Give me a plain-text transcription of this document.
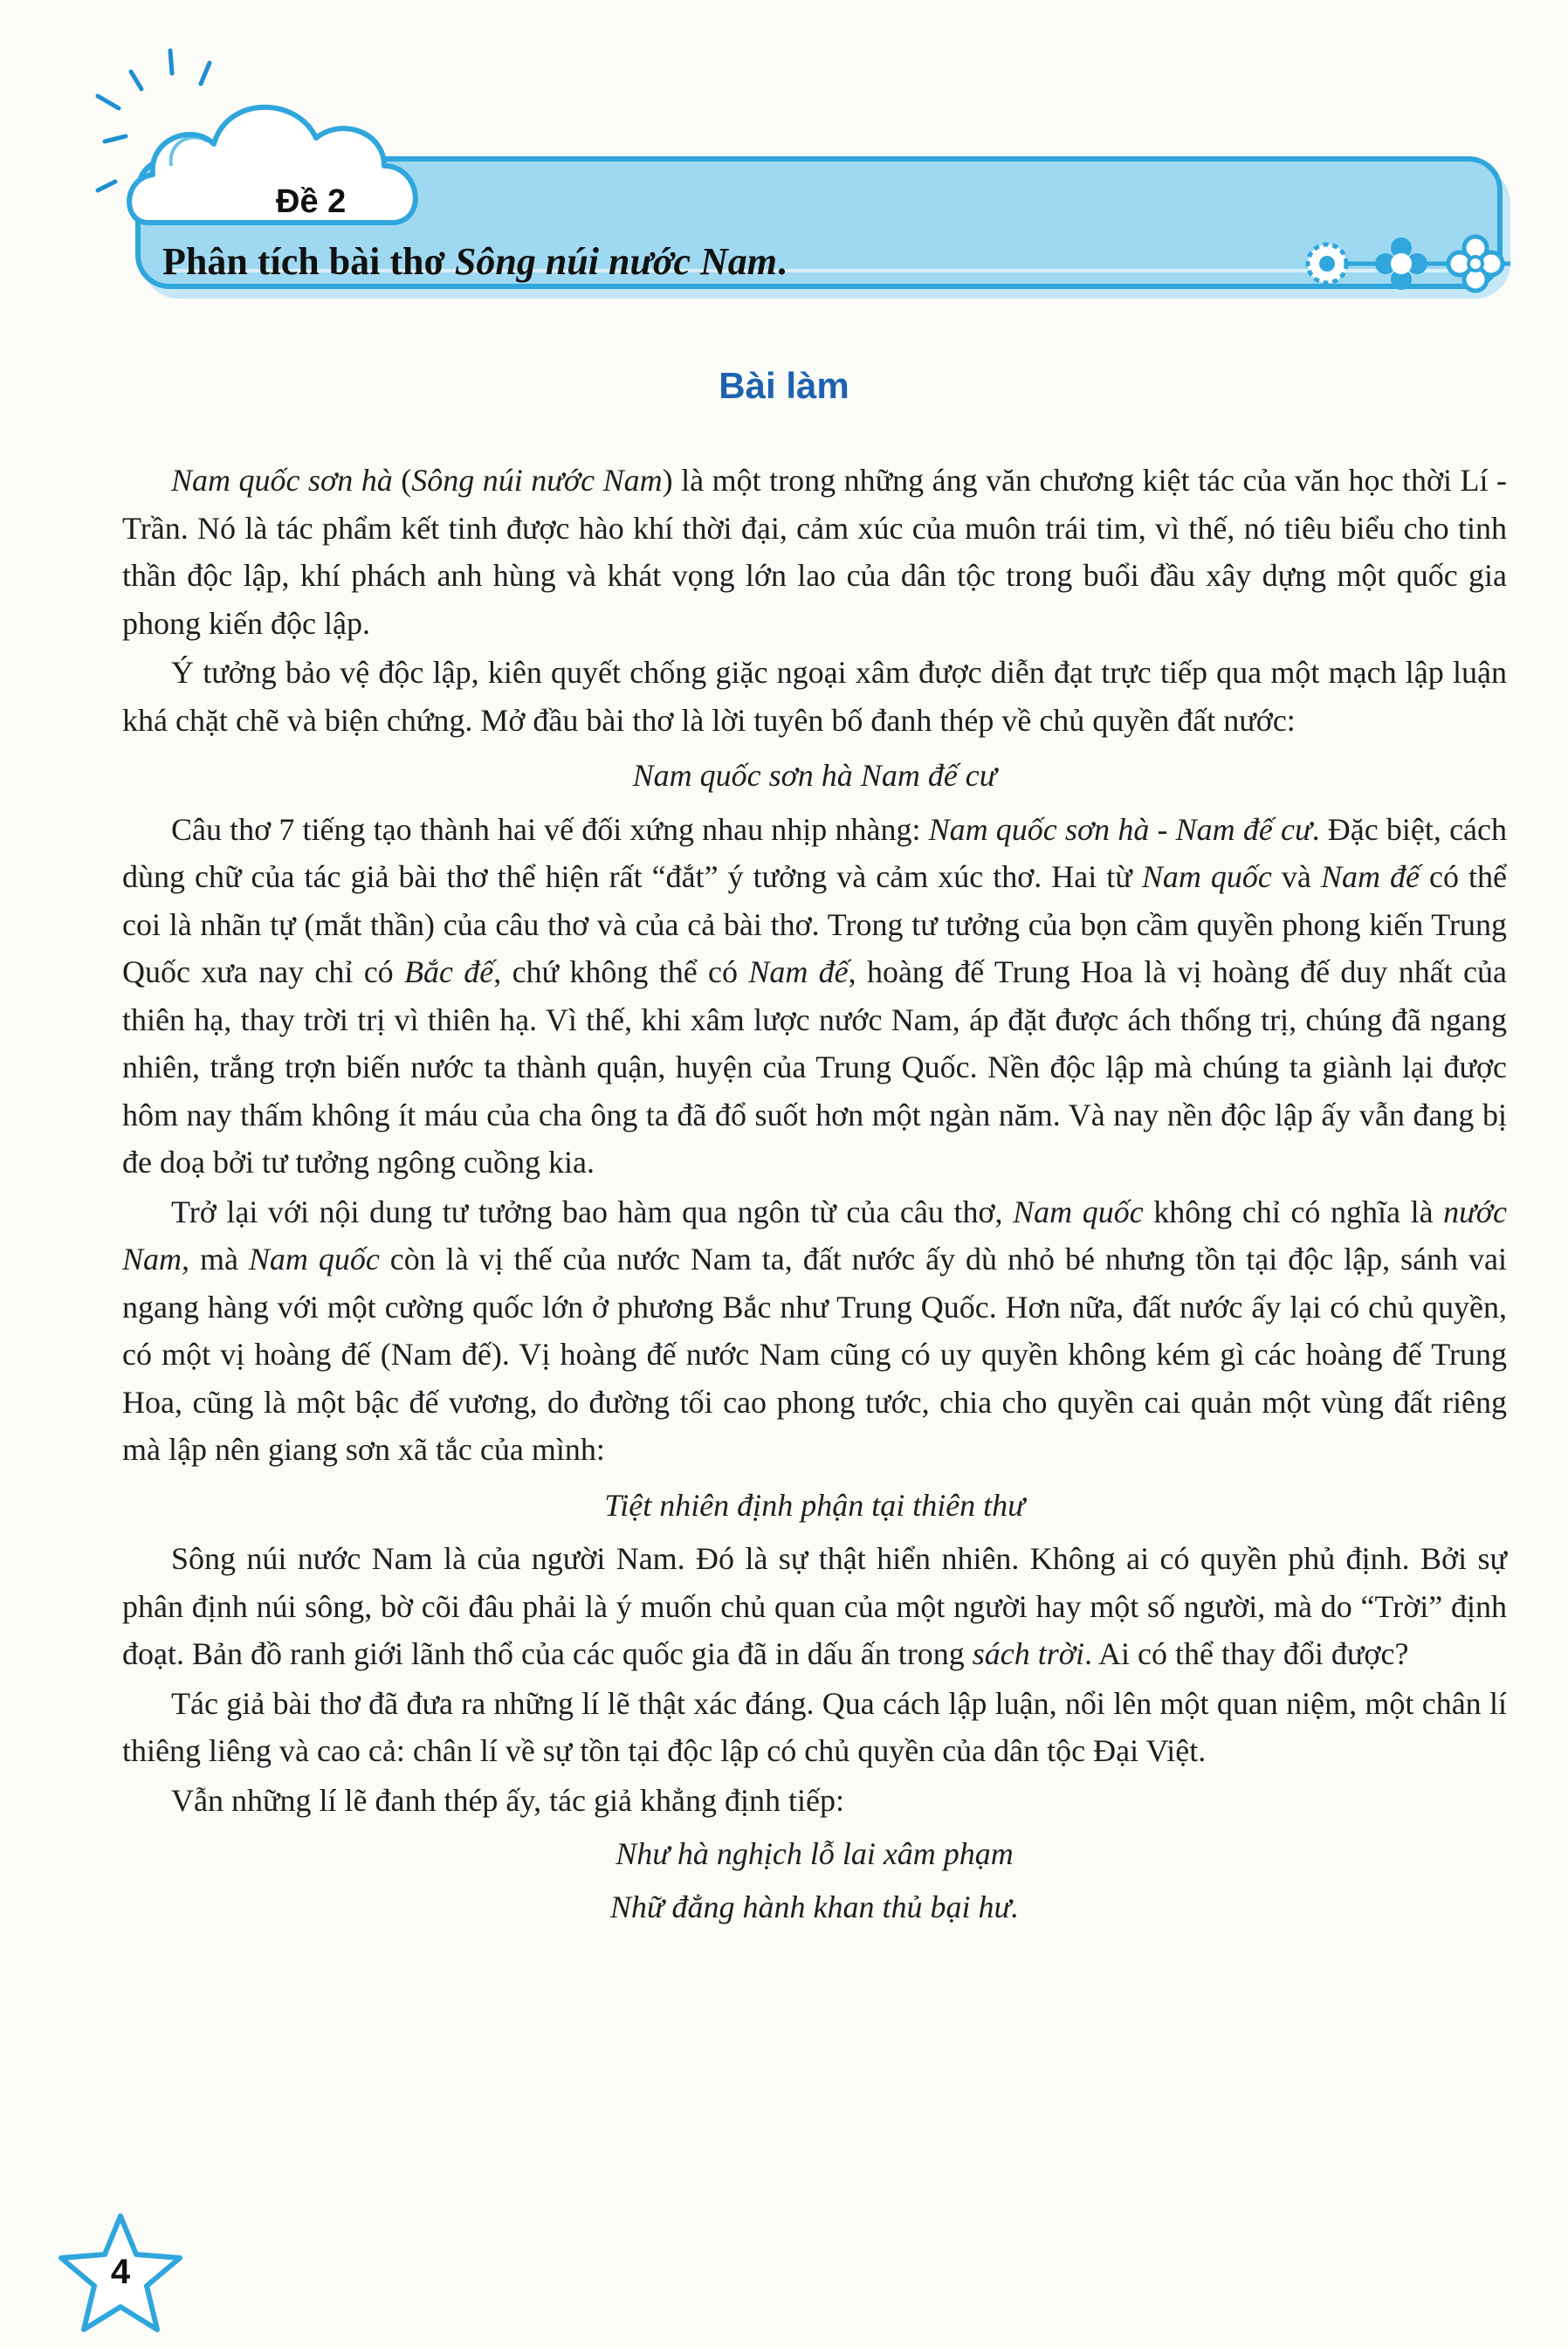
Đề 2
Phân tích bài thơ Sông núi nước Nam.
Bài làm

Nam quốc sơn hà (Sông núi nước Nam) là một trong những áng văn chương kiệt tác của văn học thời Lí - Trần. Nó là tác phẩm kết tinh được hào khí thời đại, cảm xúc của muôn trái tim, vì thế, nó tiêu biểu cho tinh thần độc lập, khí phách anh hùng và khát vọng lớn lao của dân tộc trong buổi đầu xây dựng một quốc gia phong kiến độc lập.

Ý tưởng bảo vệ độc lập, kiên quyết chống giặc ngoại xâm được diễn đạt trực tiếp qua một mạch lập luận khá chặt chẽ và biện chứng. Mở đầu bài thơ là lời tuyên bố đanh thép về chủ quyền đất nước:

Nam quốc sơn hà Nam đế cư

Câu thơ 7 tiếng tạo thành hai vế đối xứng nhau nhịp nhàng: Nam quốc sơn hà - Nam đế cư. Đặc biệt, cách dùng chữ của tác giả bài thơ thể hiện rất “đắt” ý tưởng và cảm xúc thơ. Hai từ Nam quốc và Nam đế có thể coi là nhãn tự (mắt thần) của câu thơ và của cả bài thơ. Trong tư tưởng của bọn cầm quyền phong kiến Trung Quốc xưa nay chỉ có Bắc đế, chứ không thể có Nam đế, hoàng đế Trung Hoa là vị hoàng đế duy nhất của thiên hạ, thay trời trị vì thiên hạ. Vì thế, khi xâm lược nước Nam, áp đặt được ách thống trị, chúng đã ngang nhiên, trắng trợn biến nước ta thành quận, huyện của Trung Quốc. Nền độc lập mà chúng ta giành lại được hôm nay thấm không ít máu của cha ông ta đã đổ suốt hơn một ngàn năm. Và nay nền độc lập ấy vẫn đang bị đe doạ bởi tư tưởng ngông cuồng kia.

Trở lại với nội dung tư tưởng bao hàm qua ngôn từ của câu thơ, Nam quốc không chỉ có nghĩa là nước Nam, mà Nam quốc còn là vị thế của nước Nam ta, đất nước ấy dù nhỏ bé nhưng tồn tại độc lập, sánh vai ngang hàng với một cường quốc lớn ở phương Bắc như Trung Quốc. Hơn nữa, đất nước ấy lại có chủ quyền, có một vị hoàng đế (Nam đế). Vị hoàng đế nước Nam cũng có uy quyền không kém gì các hoàng đế Trung Hoa, cũng là một bậc đế vương, do đường tối cao phong tước, chia cho quyền cai quản một vùng đất riêng mà lập nên giang sơn xã tắc của mình:

Tiệt nhiên định phận tại thiên thư

Sông núi nước Nam là của người Nam. Đó là sự thật hiển nhiên. Không ai có quyền phủ định. Bởi sự phân định núi sông, bờ cõi đâu phải là ý muốn chủ quan của một người hay một số người, mà do “Trời” định đoạt. Bản đồ ranh giới lãnh thổ của các quốc gia đã in dấu ấn trong sách trời. Ai có thể thay đổi được?

Tác giả bài thơ đã đưa ra những lí lẽ thật xác đáng. Qua cách lập luận, nổi lên một quan niệm, một chân lí thiêng liêng và cao cả: chân lí về sự tồn tại độc lập có chủ quyền của dân tộc Đại Việt.

Vẫn những lí lẽ đanh thép ấy, tác giả khẳng định tiếp:

Như hà nghịch lỗ lai xâm phạm

Nhữ đẳng hành khan thủ bại hư.

4
